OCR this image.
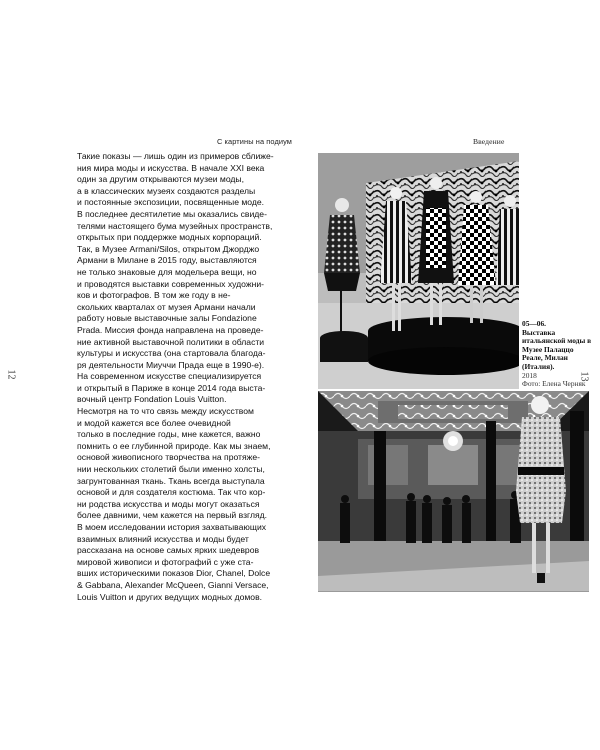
С картины на подиум	Введение
Такие показы — лишь один из примеров сближе-
ния мира моды и искусства. В начале XXI века
один за другим открываются музеи моды,
а в классических музеях создаются разделы
и постоянные экспозиции, посвященные моде.
В последнее десятилетие мы оказались свиде-
телями настоящего бума музейных пространств,
открытых при поддержке модных корпораций.
Так, в Музее Armani/Silos, открытом Джорджо
Армани в Милане в 2015 году, выставляются
не только знаковые для модельера вещи, но
и проводятся выставки современных художни-
ков и фотографов. В том же году в не-
скольких кварталах от музея Армани начали
работу новые выставочные залы Fondazione
Prada. Миссия фонда направлена на проведе-
ние активной выставочной политики в области
культуры и искусства (она стартовала благода-
ря деятельности Миуччи Прада еще в 1990-е).
На современном искусстве специализируется
и открытый в Париже в конце 2014 года выста-
вочный центр Fondation Louis Vuitton.
Несмотря на то что связь между искусством
и модой кажется все более очевидной
только в последние годы, мне кажется, важно
помнить о ее глубинной природе. Как мы знаем,
основой живописного творчества на протяже-
нии нескольких столетий были именно холсты,
загрунтованная ткань. Ткань всегда выступала
основой и для создателя костюма. Так что кор-
ни родства искусства и моды могут оказаться
более давними, чем кажется на первый взгляд.
В моем исследовании история захватывающих
взаимных влияний искусства и моды будет
рассказана на основе самых ярких шедевров
мировой живописи и фотографий с уже ста-
вших историческими показов Dior, Chanel, Dolce
& Gabbana, Alexander McQueen, Gianni Versace,
Louis Vuitton и других ведущих модных домов.
12	13
05—06.
Выставка итальянской моды в Музее Палаццо Реале, Милан (Италия).
2018
Фото: Елена Черняк
